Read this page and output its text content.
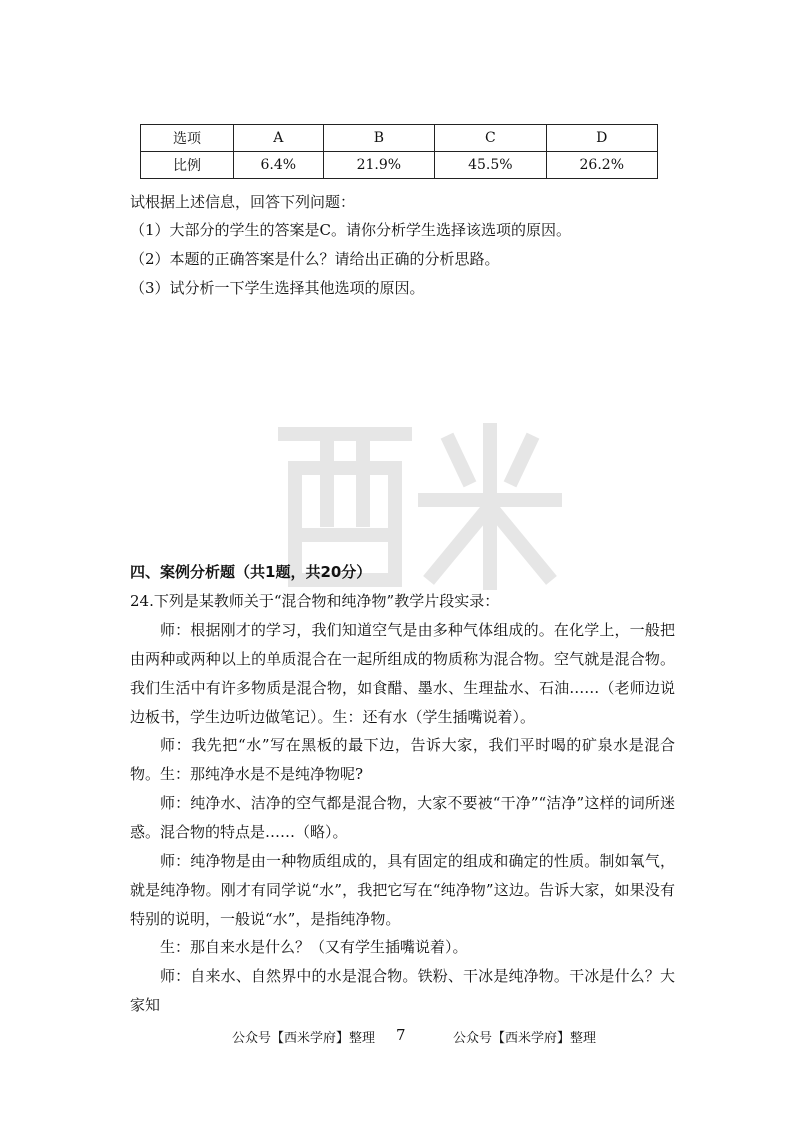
选项	A	B	C	D
比例	6.4%	21.9%	45.5%	26.2%
试根据上述信息，回答下列问题：
（1）大部分的学生的答案是C。请你分析学生选择该选项的原因。
（2）本题的正确答案是什么？请给出正确的分析思路。
（3）试分析一下学生选择其他选项的原因。
四、案例分析题（共1题，共20分）
24.下列是某教师关于“混合物和纯净物”教学片段实录：
师：根据刚才的学习，我们知道空气是由多种气体组成的。在化学上，一般把由两种或两种以上的单质混合在一起所组成的物质称为混合物。空气就是混合物。我们生活中有许多物质是混合物，如食醋、墨水、生理盐水、石油……（老师边说边板书，学生边听边做笔记）。生：还有水（学生插嘴说着）。
师：我先把“水”写在黑板的最下边，告诉大家，我们平时喝的矿泉水是混合物。 生：那纯净水是不是纯净物呢?
师：纯净水、洁净的空气都是混合物，大家不要被“干净”“洁净”这样的词所迷惑。混合物的特点是……（略）。
师：纯净物是由一种物质组成的，具有固定的组成和确定的性质。制如氧气，就是纯净物。刚才有同学说“水”，我把它写在“纯净物”这边。告诉大家，如果没有特别的说明，一般说“水”，是指纯净物。
生：那自来水是什么？（又有学生插嘴说着）。
师：自来水、自然界中的水是混合物。铁粉、干冰是纯净物。干冰是什么？大家知
公众号【西米学府】整理 7	公众号【西米学府】整理
